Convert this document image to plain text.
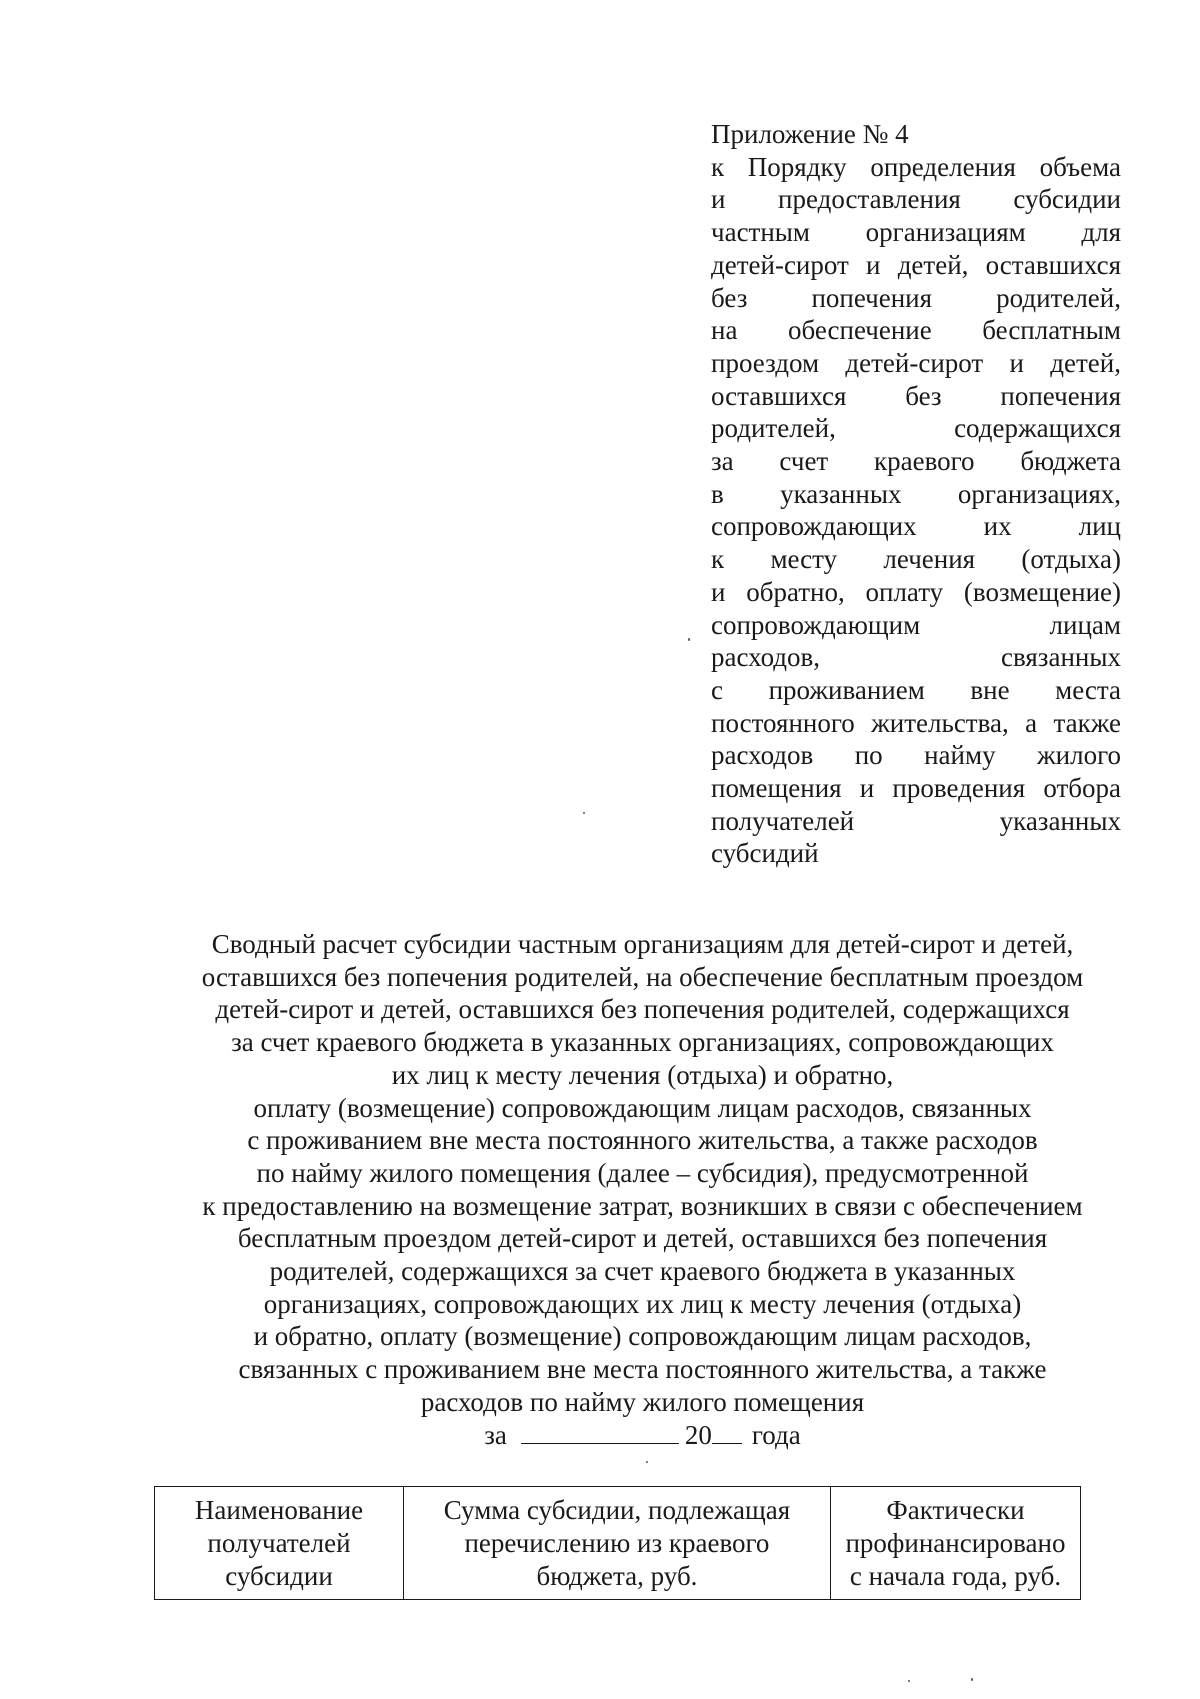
Приложение № 4
к Порядку определения объема
и предоставления субсидии
частным организациям для
детей-сирот и детей, оставшихся
без попечения родителей,
на обеспечение бесплатным
проездом детей-сирот и детей,
оставшихся без попечения
родителей, содержащихся
за счет краевого бюджета
в указанных организациях,
сопровождающих их лиц
к месту лечения (отдыха)
и обратно, оплату (возмещение)
сопровождающим лицам
расходов, связанных
с проживанием вне места
постоянного жительства, а также
расходов по найму жилого
помещения и проведения отбора
получателей указанных
субсидий
Сводный расчет субсидии частным организациям для детей-сирот и детей,
оставшихся без попечения родителей, на обеспечение бесплатным проездом
детей-сирот и детей, оставшихся без попечения родителей, содержащихся
за счет краевого бюджета в указанных организациях, сопровождающих
их лиц к месту лечения (отдыха) и обратно,
оплату (возмещение) сопровождающим лицам расходов, связанных
с проживанием вне места постоянного жительства, а также расходов
по найму жилого помещения (далее – субсидия), предусмотренной
к предоставлению на возмещение затрат, возникших в связи с обеспечением
бесплатным проездом детей-сирот и детей, оставшихся без попечения
родителей, содержащихся за счет краевого бюджета в указанных
организациях, сопровождающих их лиц к месту лечения (отдыха)
и обратно, оплату (возмещение) сопровождающим лицам расходов,
связанных с проживанием вне места постоянного жительства, а также
расходов по найму жилого помещения
за	20 года
Наименование
получателей
субсидии

Сумма субсидии, подлежащая
перечислению из краевого
бюджета, руб.

Фактически
профинансировано
с начала года, руб.
